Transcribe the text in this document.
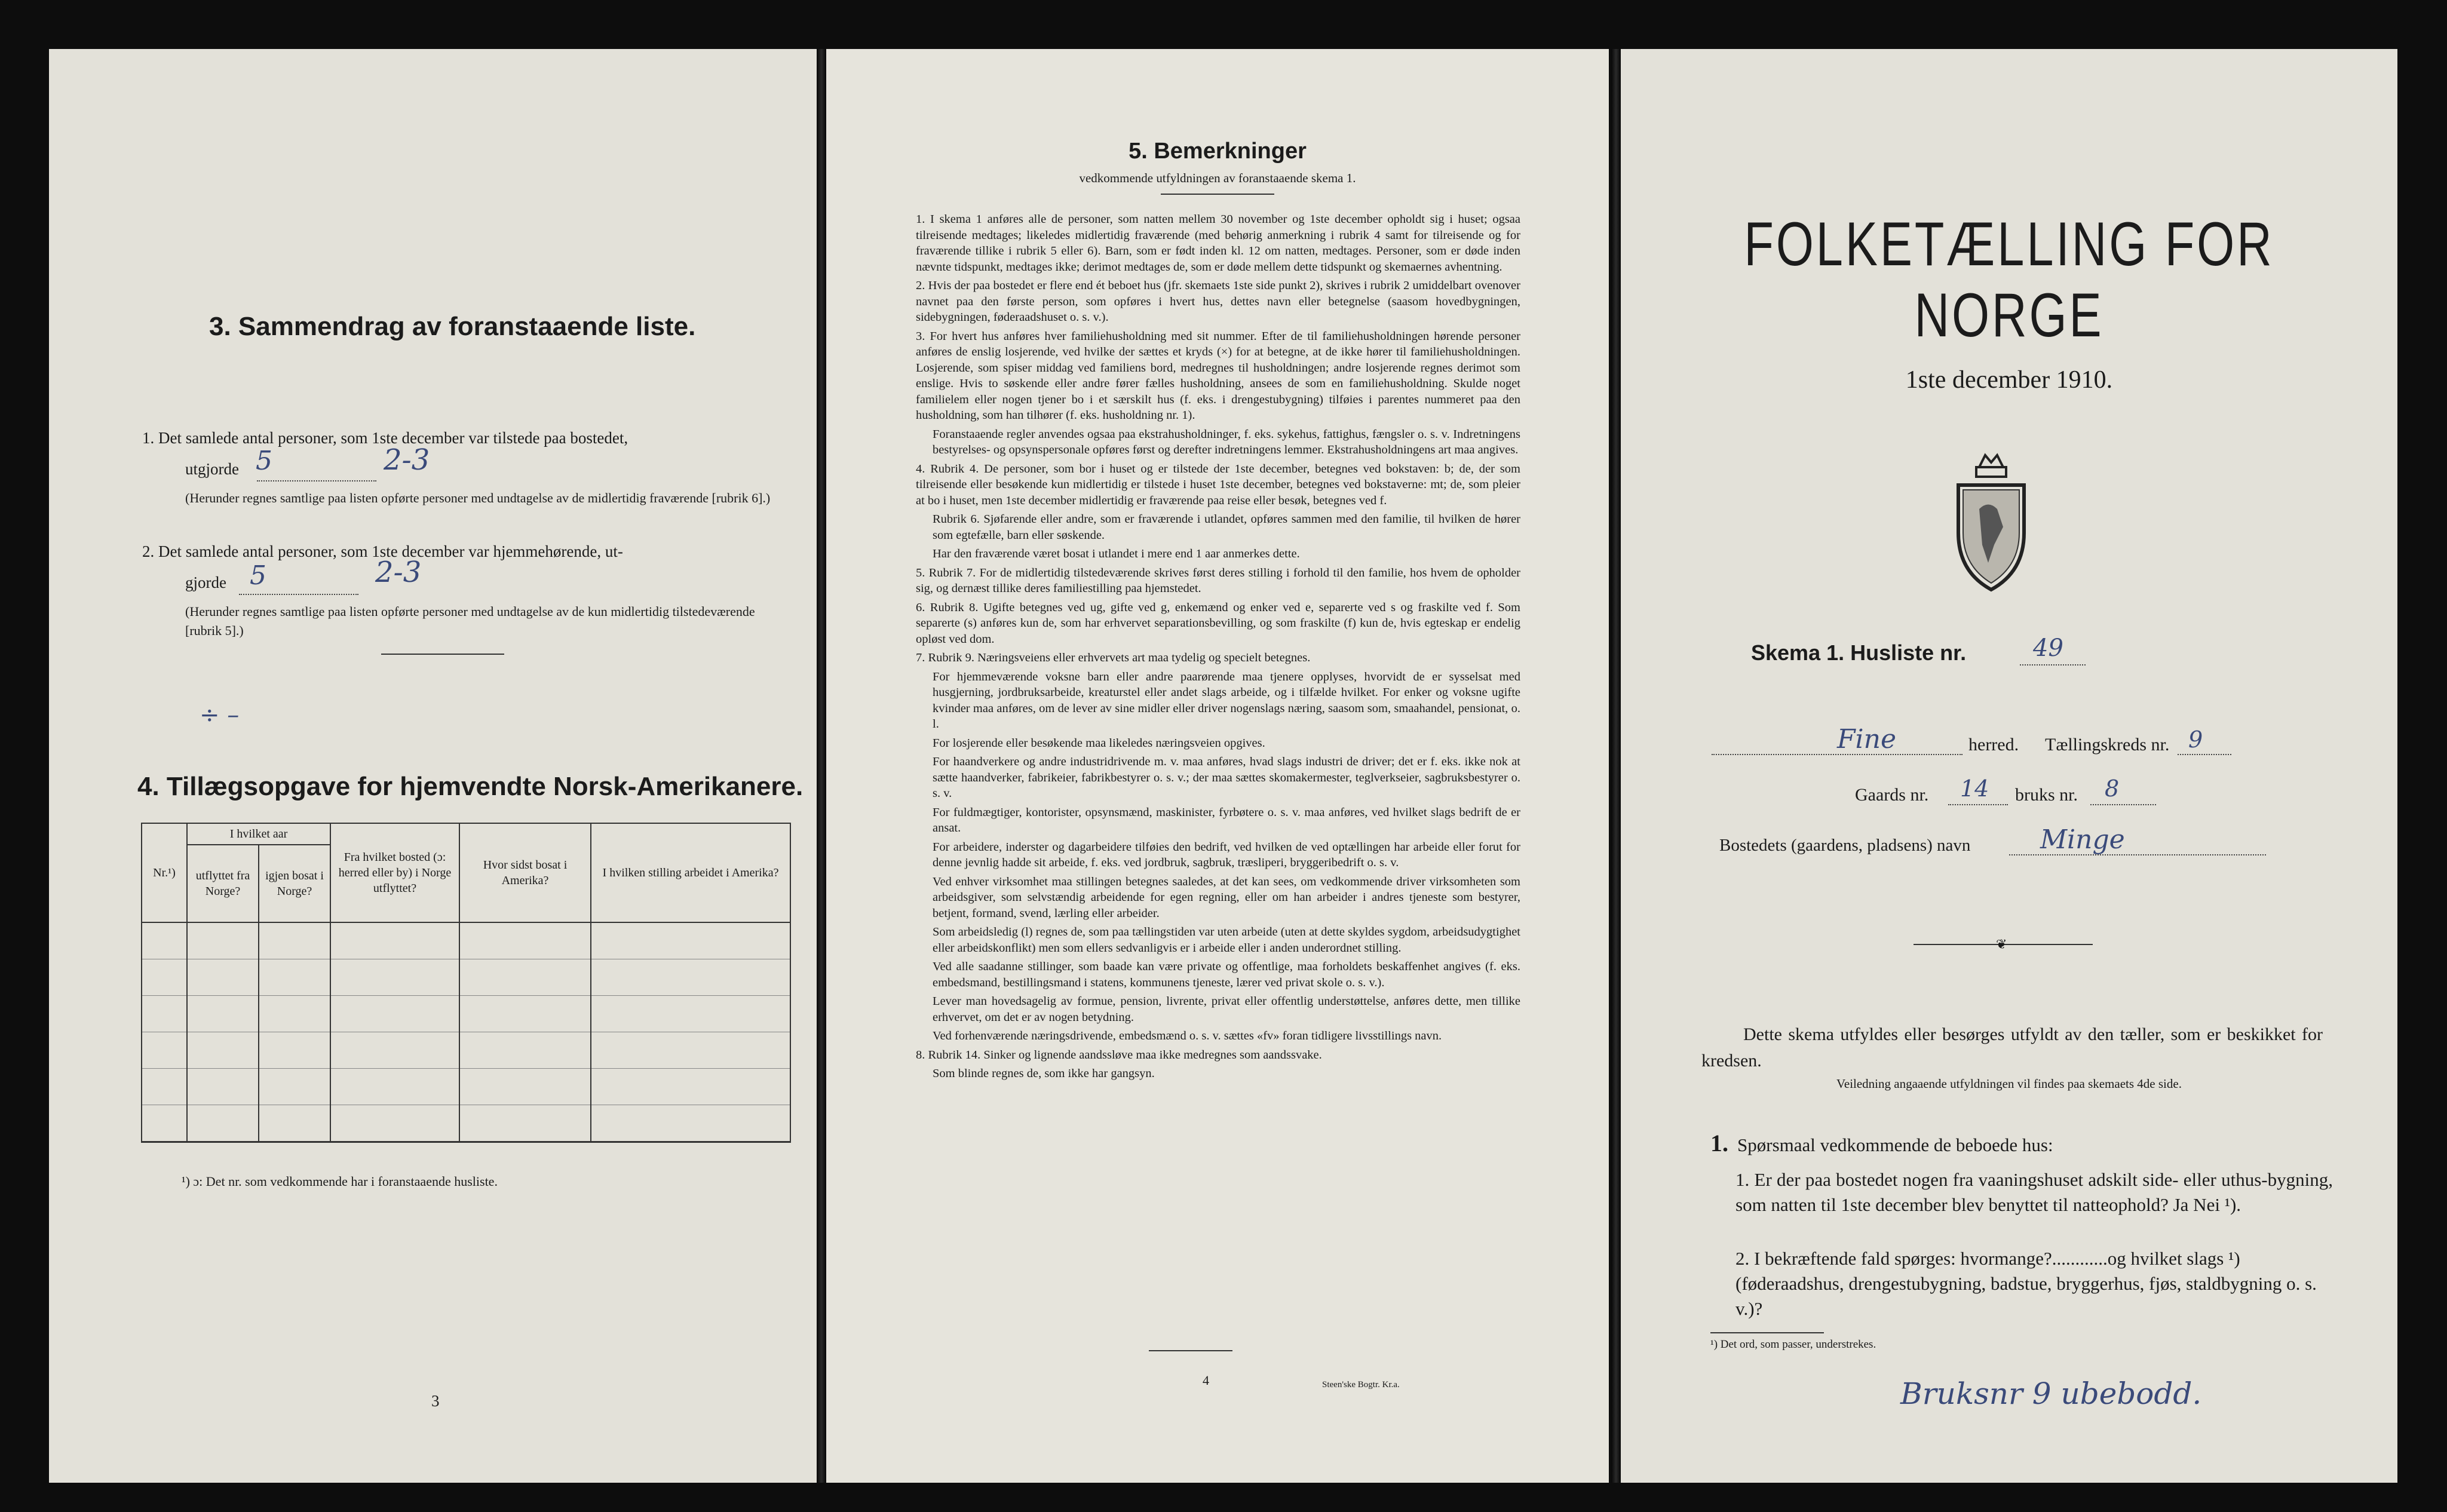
3. Sammendrag av foranstaaende liste.
1. Det samlede antal personer, som 1ste december var tilstede paa bostedet,
utgjorde 5	2-3
(Herunder regnes samtlige paa listen opførte personer med undtagelse av de midlertidig fraværende [rubrik 6].)
2. Det samlede antal personer, som 1ste december var hjemmehørende, ut-
gjorde 5	2-3
(Herunder regnes samtlige paa listen opførte personer med undtagelse av de kun midlertidig tilstedeværende [rubrik 5].)
÷ –
4. Tillægsopgave for hjemvendte Norsk-Amerikanere.
Nr.¹)	I hvilket aar		Fra hvilket bosted (ɔ: herred eller by) i Norge utflyttet?	Hvor sidst bosat i Amerika?	I hvilken stilling arbeidet i Amerika?
	utflyttet fra Norge?	igjen bosat i Norge?			

¹) ɔ: Det nr. som vedkommende har i foranstaaende husliste.
3
5. Bemerkninger
vedkommende utfyldningen av foranstaaende skema 1.

1. I skema 1 anføres alle de personer, som natten mellem 30 november og 1ste december opholdt sig i huset; ogsaa tilreisende medtages; likeledes midlertidig fraværende (med behørig anmerkning i rubrik 4 samt for tilreisende og for fraværende tillike i rubrik 5 eller 6). Barn, som er født inden kl. 12 om natten, medtages. Personer, som er døde inden nævnte tidspunkt, medtages ikke; derimot medtages de, som er døde mellem dette tidspunkt og skemaernes avhentning.

2. Hvis der paa bostedet er flere end ét beboet hus (jfr. skemaets 1ste side punkt 2), skrives i rubrik 2 umiddelbart ovenover navnet paa den første person, som opføres i hvert hus, dettes navn eller betegnelse (saasom hovedbygningen, sidebygningen, føderaadshuset o. s. v.).

3. For hvert hus anføres hver familiehusholdning med sit nummer. Efter de til familiehusholdningen hørende personer anføres de enslig losjerende, ved hvilke der sættes et kryds (×) for at betegne, at de ikke hører til familiehusholdningen. Losjerende, som spiser middag ved familiens bord, medregnes til husholdningen; andre losjerende regnes derimot som enslige. Hvis to søskende eller andre fører fælles husholdning, ansees de som en familiehusholdning. Skulde noget familielem eller nogen tjener bo i et særskilt hus (f. eks. i drengestubygning) tilføies i parentes nummeret paa den husholdning, som han tilhører (f. eks. husholdning nr. 1).

Foranstaaende regler anvendes ogsaa paa ekstrahusholdninger, f. eks. sykehus, fattighus, fængsler o. s. v. Indretningens bestyrelses- og opsynspersonale opføres først og derefter indretningens lemmer. Ekstrahusholdningens art maa angives.

4. Rubrik 4. De personer, som bor i huset og er tilstede der 1ste december, betegnes ved bokstaven: b; de, der som tilreisende eller besøkende kun midlertidig er tilstede i huset 1ste december, betegnes ved bokstaverne: mt; de, som pleier at bo i huset, men 1ste december midlertidig er fraværende paa reise eller besøk, betegnes ved f.

Rubrik 6. Sjøfarende eller andre, som er fraværende i utlandet, opføres sammen med den familie, til hvilken de hører som egtefælle, barn eller søskende.

Har den fraværende været bosat i utlandet i mere end 1 aar anmerkes dette.

5. Rubrik 7. For de midlertidig tilstedeværende skrives først deres stilling i forhold til den familie, hos hvem de opholder sig, og dernæst tillike deres familiestilling paa hjemstedet.

6. Rubrik 8. Ugifte betegnes ved ug, gifte ved g, enkemænd og enker ved e, separerte ved s og fraskilte ved f. Som separerte (s) anføres kun de, som har erhvervet separationsbevilling, og som fraskilte (f) kun de, hvis egteskap er endelig opløst ved dom.

7. Rubrik 9. Næringsveiens eller erhvervets art maa tydelig og specielt betegnes.

For hjemmeværende voksne barn eller andre paarørende maa tjenere opplyses, hvorvidt de er sysselsat med husgjerning, jordbruksarbeide, kreaturstel eller andet slags arbeide, og i tilfælde hvilket. For enker og voksne ugifte kvinder maa anføres, om de lever av sine midler eller driver nogenslags næring, saasom som, smaahandel, pensionat, o. l.

For losjerende eller besøkende maa likeledes næringsveien opgives.

For haandverkere og andre industridrivende m. v. maa anføres, hvad slags industri de driver; det er f. eks. ikke nok at sætte haandverker, fabrikeier, fabrikbestyrer o. s. v.; der maa sættes skomakermester, teglverkseier, sagbruksbestyrer o. s. v.

For fuldmægtiger, kontorister, opsynsmænd, maskinister, fyrbøtere o. s. v. maa anføres, ved hvilket slags bedrift de er ansat.

For arbeidere, inderster og dagarbeidere tilføies den bedrift, ved hvilken de ved optællingen har arbeide eller forut for denne jevnlig hadde sit arbeide, f. eks. ved jordbruk, sagbruk, træsliperi, bryggeribedrift o. s. v.

Ved enhver virksomhet maa stillingen betegnes saaledes, at det kan sees, om vedkommende driver virksomheten som arbeidsgiver, som selvstændig arbeidende for egen regning, eller om han arbeider i andres tjeneste som bestyrer, betjent, formand, svend, lærling eller arbeider.

Som arbeidsledig (l) regnes de, som paa tællingstiden var uten arbeide (uten at dette skyldes sygdom, arbeidsudygtighet eller arbeidskonflikt) men som ellers sedvanligvis er i arbeide eller i anden underordnet stilling.

Ved alle saadanne stillinger, som baade kan være private og offentlige, maa forholdets beskaffenhet angives (f. eks. embedsmand, bestillingsmand i statens, kommunens tjeneste, lærer ved privat skole o. s. v.).

Lever man hovedsagelig av formue, pension, livrente, privat eller offentlig understøttelse, anføres dette, men tillike erhvervet, om det er av nogen betydning.

Ved forhenværende næringsdrivende, embedsmænd o. s. v. sættes «fv» foran tidligere livsstillings navn.

8. Rubrik 14. Sinker og lignende aandssløve maa ikke medregnes som aandssvake.

Som blinde regnes de, som ikke har gangsyn.

4	Steen'ske Bogtr. Kr.a.
FOLKETÆLLING FOR NORGE
1ste december 1910.
Skema 1. Husliste nr.	49
Fine	herred. Tællingskreds nr. 9
Gaards nr. 14 bruks nr. 8
Bostedets (gaardens, pladsens) navn	Minge
❦
Dette skema utfyldes eller besørges utfyldt av den tæller, som er beskikket for kredsen.
Veiledning angaaende utfyldningen vil findes paa skemaets 4de side.
1. Spørsmaal vedkommende de beboede hus:
1. Er der paa bostedet nogen fra vaaningshuset adskilt side- eller uthus-bygning, som natten til 1ste december blev benyttet til natteophold? Ja Nei ¹).
2. I bekræftende fald spørges: hvormange?............og hvilket slags ¹) (føderaadshus, drengestubygning, badstue, bryggerhus, fjøs, staldbygning o. s. v.)?
¹) Det ord, som passer, understrekes.
Bruksnr 9 ubebodd.
